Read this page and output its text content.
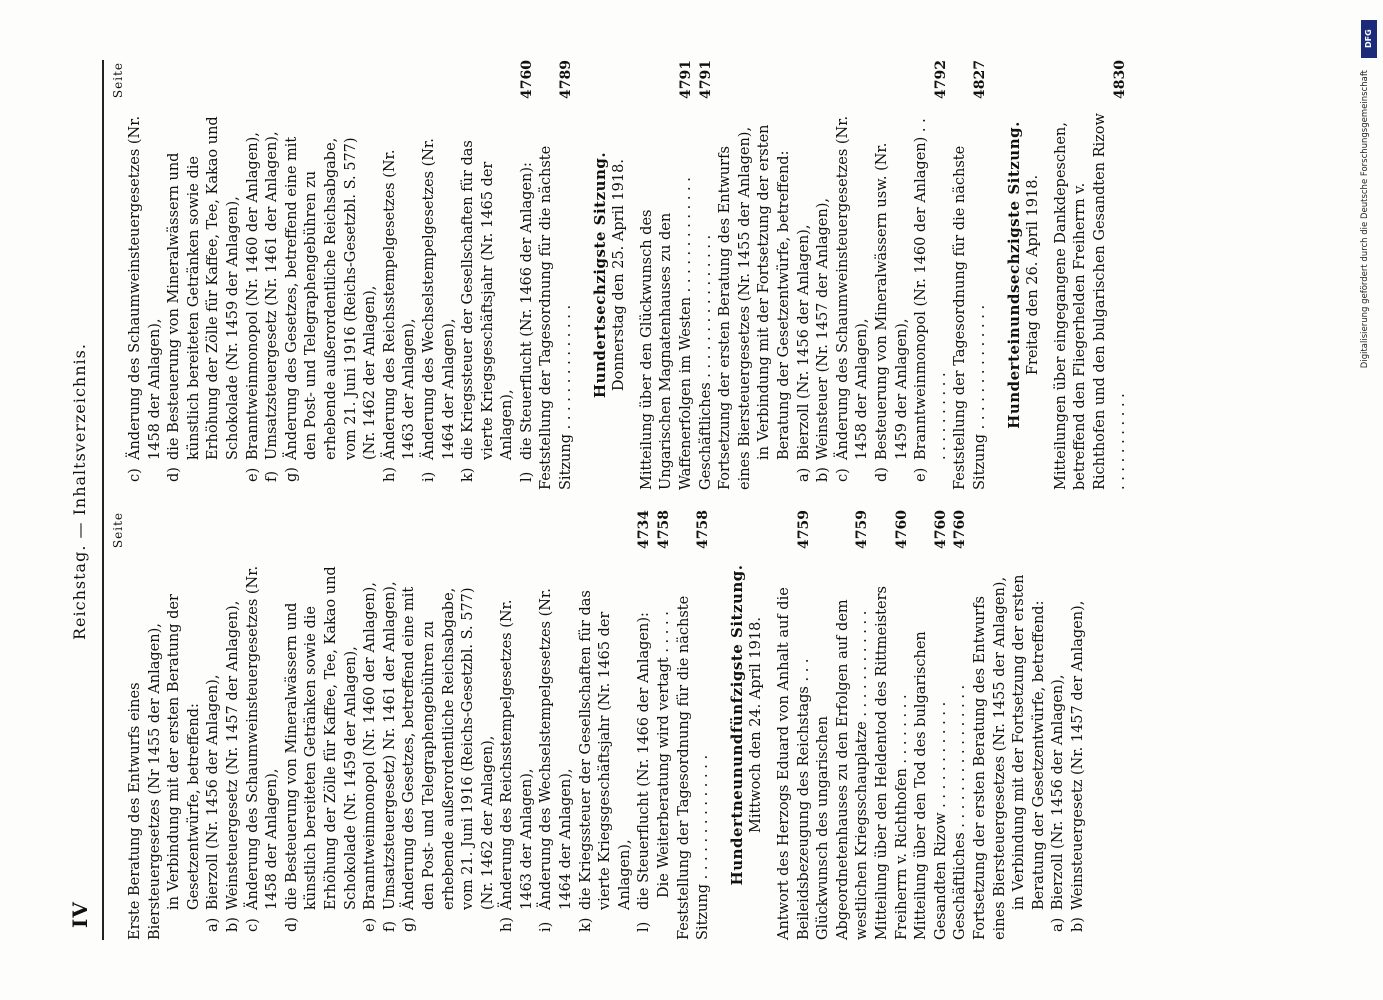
IV
Reichstag. — Inhaltsverzeichnis. Seite
Erste Beratung des Entwurfs eines Biersteuergesetzes (Nr 1455 der Anlagen), in Verbindung mit der ersten Beratung der Gesetzentwürfe, betreffend:
a)
Bierzoll (Nr. 1456 der Anlagen),
b)
Weinsteuergesetz (Nr. 1457 der Anlagen),
c)
Änderung des Schaumweinsteuergesetzes (Nr. 1458 der Anlagen),
d)
die Besteuerung von Mineralwässern und künstlich bereiteten Getränken sowie die Erhöhung der Zölle für Kaffee, Tee, Kakao und Schokolade (Nr. 1459 der Anlagen),
e)
Branntweinmonopol (Nr. 1460 der Anlagen),
f)
Umsatzsteuergesetz) Nr. 1461 der Anlagen),
g)
Änderung des Gesetzes, betreffend eine mit den Post- und Telegraphengebühren zu erhebende außerordentliche Reichsabgabe, vom 21. Juni 1916 (Reichs-Gesetzbl. S. 577) (Nr. 1462 der Anlagen),
h)
Änderung des Reichsstempelgesetzes (Nr. 1463 der Anlagen),
i)
Änderung des Wechselstempelgesetzes (Nr. 1464 der Anlagen),
k)
die Kriegssteuer der Gesellschaften für das vierte Kriegsgeschäftsjahr (Nr. 1465 der Anlagen),
l)
die Steuerflucht (Nr. 1466 der Anlagen):
4734
Die Weiterberatung wird vertagt . . . . .
4758
Feststellung der Tagesordnung für die nächste Sitzung . . . . . . . . . . . . . .
4758
Hundertneunundfünfzigste Sitzung. Mittwoch den 24. April 1918. Antwort des Herzogs Eduard von Anhalt auf die Beileidsbezeugung des Reichstags . . .
4759
Glückwunsch des ungarischen Abgeordnetenhauses zu den Erfolgen auf dem westlichen Kriegsschauplatze . . . . . . . . . . . .
4759
Mitteilung über den Heldentod des Rittmeisters Freiherrn v. Richthofen . . . . . . . .
4760
Mitteilung über den Tod des bulgarischen Gesandten Rizow . . . . . . . . . . . .
4760
Geschäftliches . . . . . . . . . . . . . . . .
4760
Fortsetzung der ersten Beratung des Entwurfs eines Biersteuergesetzes (Nr. 1455 der Anlagen), in Verbindung mit der Fortsetzung der ersten Beratung der Gesetzentwürfe, betreffend:
a)
Bierzoll (Nr. 1456 der Anlagen),
b)
Weinsteuergesetz (Nr. 1457 der Anlagen),
Seite
c)
Änderung des Schaumweinsteuergesetzes (Nr. 1458 der Anlagen),
d)
die Besteuerung von Mineralwässern und künstlich bereiteten Getränken sowie die Erhöhung der Zölle für Kaffee, Tee, Kakao und Schokolade (Nr. 1459 der Anlagen),
e)
Branntweinmonopol (Nr. 1460 der Anlagen),
f)
Umsatzsteuergesetz (Nr. 1461 der Anlagen),
g)
Änderung des Gesetzes, betreffend eine mit den Post- und Telegraphengebühren zu erhebende außerordentliche Reichsabgabe, vom 21. Juni 1916 (Reichs-Gesetzbl. S. 577) (Nr. 1462 der Anlagen),
h)
Änderung des Reichsstempelgesetzes (Nr. 1463 der Anlagen),
i)
Änderung des Wechselstempelgesetzes (Nr. 1464 der Anlagen),
k)
die Kriegssteuer der Gesellschaften für das vierte Kriegsgeschäftsjahr (Nr. 1465 der Anlagen),
l)
die Steuerflucht (Nr. 1466 der Anlagen):
4760
Feststellung der Tagesordnung für die nächste Sitzung . . . . . . . . . . . . . .
4789
Hundertsechzigste Sitzung. Donnerstag den 25. April 1918. Mitteilung über den Glückwunsch des Ungarischen Magnatenhauses zu den Waffenerfolgen im Westen . . . . . . . . . . . . .
4791
Geschäftliches . . . . . . . . . . . . . . . .
4791
Fortsetzung der ersten Beratung des Entwurfs eines Biersteuergesetzes (Nr. 1455 der Anlagen), in Verbindung mit der Fortsetzung der ersten Beratung der Gesetzentwürfe, betreffend:
a)
Bierzoll (Nr. 1456 der Anlagen),
b)
Weinsteuer (Nr. 1457 der Anlagen),
c)
Änderung des Schaumweinsteuergesetzes (Nr. 1458 der Anlagen),
d)
Besteuerung von Mineralwässern usw. (Nr. 1459 der Anlagen),
e)
Branntweinmonopol (Nr. 1460 der Anlagen) . . . . . . . . . . . .
4792
Feststellung der Tagesordnung für die nächste Sitzung . . . . . . . . . . . . . .
4827
Hunderteinundsechzigste Sitzung. Freitag den 26. April 1918. Mitteilungen über eingegangene Dankdepeschen, betreffend den Fliegerhelden Freiherrn v. Richthofen und den bulgarischen Gesandten Rizow . . . . . . . . . . .
4830
DFG
Digitalisierung gefördert durch die Deutsche Forschungsgemeinschaft
